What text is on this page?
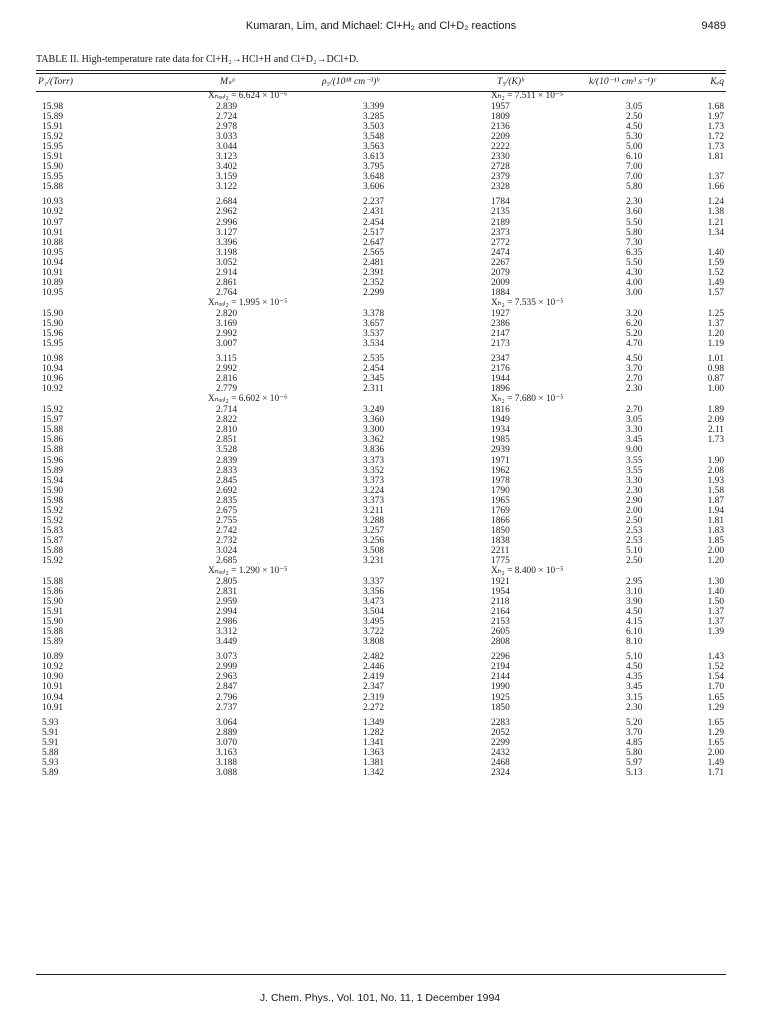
Kumaran, Lim, and Michael: Cl+H₂ and Cl+D₂ reactions	9489
TABLE II. High-temperature rate data for Cl+H₂→HCl+H and Cl+D₂→DCl+D.
P₁/(Torr)	Mₛᵃ	ρ₅/(10¹⁸ cm⁻³)ᵇ	T₅/(K)ᵇ	k/(10⁻¹¹ cm³ s⁻¹)ᶜ	Kₑq
	Xₙₒₒₗ₂ = 6.624 × 10⁻⁶		Xₕ₂ = 7.511 × 10⁻⁵		
15.98	2.839	3.399	1957	3.05	1.68
15.89	2.724	3.285	1809	2.50	1.97
15.91	2.978	3.503	2136	4.50	1.73
15.92	3.033	3.548	2209	5.30	1.72
15.95	3.044	3.563	2222	5.00	1.73
15.91	3.123	3.613	2330	6.10	1.81
15.90	3.402	3.795	2728	7.00	
15.95	3.159	3.648	2379	7.00	1.37
15.88	3.122	3.606	2328	5.80	1.66

10.93	2.684	2.237	1784	2.30	1.24
10.92	2.962	2.431	2135	3.60	1.38
10.97	2.996	2.454	2189	5.50	1.21
10.91	3.127	2.517	2373	5.80	1.34
10.88	3.396	2.647	2772	7.30	
10.95	3.198	2.565	2474	6.35	1.40
10.94	3.052	2.481	2267	5.50	1.59
10.91	2.914	2.391	2079	4.30	1.52
10.89	2.861	2.352	2009	4.00	1.49
10.95	2.764	2.299	1884	3.00	1.57
	Xₙₒₒₗ₂ = 1.995 × 10⁻⁵		Xₕ₂ = 7.535 × 10⁻⁵		
15.90	2.820	3.378	1927	3.20	1.25
15.90	3.169	3.657	2386	6.20	1.37
15.96	2.992	3.537	2147	5.20	1.20
15.95	3.007	3.534	2173	4.70	1.19

10.98	3.115	2.535	2347	4.50	1.01
10.94	2.992	2.454	2176	3.70	0.98
10.96	2.816	2.345	1944	2.70	0.87
10.92	2.779	2.311	1896	2.30	1.00
	Xₙₒₒₗ₂ = 6.602 × 10⁻⁶		Xₕ₂ = 7.680 × 10⁻⁵		
15.92	2.714	3.249	1816	2.70	1.89
15.97	2.822	3.360	1949	3.05	2.09
15.88	2.810	3.300	1934	3.30	2.11
15.86	2.851	3.362	1985	3.45	1.73
15.88	3.528	3.836	2939	9.00	
15.96	2.839	3.373	1971	3.55	1.90
15.89	2.833	3.352	1962	3.55	2.08
15.94	2.845	3.373	1978	3.30	1.93
15.90	2.692	3.224	1790	2.30	1.58
15.98	2.835	3.373	1965	2.90	1.87
15.92	2.675	3.211	1769	2.00	1.94
15.92	2.755	3.288	1866	2.50	1.81
15.83	2.742	3.257	1850	2.53	1.83
15.87	2.732	3.256	1838	2.53	1.85
15.88	3.024	3.508	2211	5.10	2.00
15.92	2.685	3.231	1775	2.50	1.20
	Xₙₒₒₗ₂ = 1.290 × 10⁻⁵		Xₕ₂ = 8.400 × 10⁻⁵		
15.88	2.805	3.337	1921	2.95	1.30
15.86	2.831	3.356	1954	3.10	1.40
15.90	2.959	3.473	2118	3.90	1.50
15.91	2.994	3.504	2164	4.50	1.37
15.90	2.986	3.495	2153	4.15	1.37
15.88	3.312	3.722	2605	6.10	1.39
15.89	3.449	3.808	2808	8.10	

10.89	3.073	2.482	2296	5.10	1.43
10.92	2.999	2.446	2194	4.50	1.52
10.90	2.963	2.419	2144	4.35	1.54
10.91	2.847	2.347	1990	3.45	1.70
10.94	2.796	2.319	1925	3.15	1.65
10.91	2.737	2.272	1850	2.30	1.29

5.93	3.064	1.349	2283	5.20	1.65
5.91	2.889	1.282	2052	3.70	1.29
5.91	3.070	1.341	2299	4.85	1.65
5.88	3.163	1.363	2432	5.80	2.00
5.93	3.188	1.381	2468	5.97	1.49
5.89	3.088	1.342	2324	5.13	1.71
J. Chem. Phys., Vol. 101, No. 11, 1 December 1994
